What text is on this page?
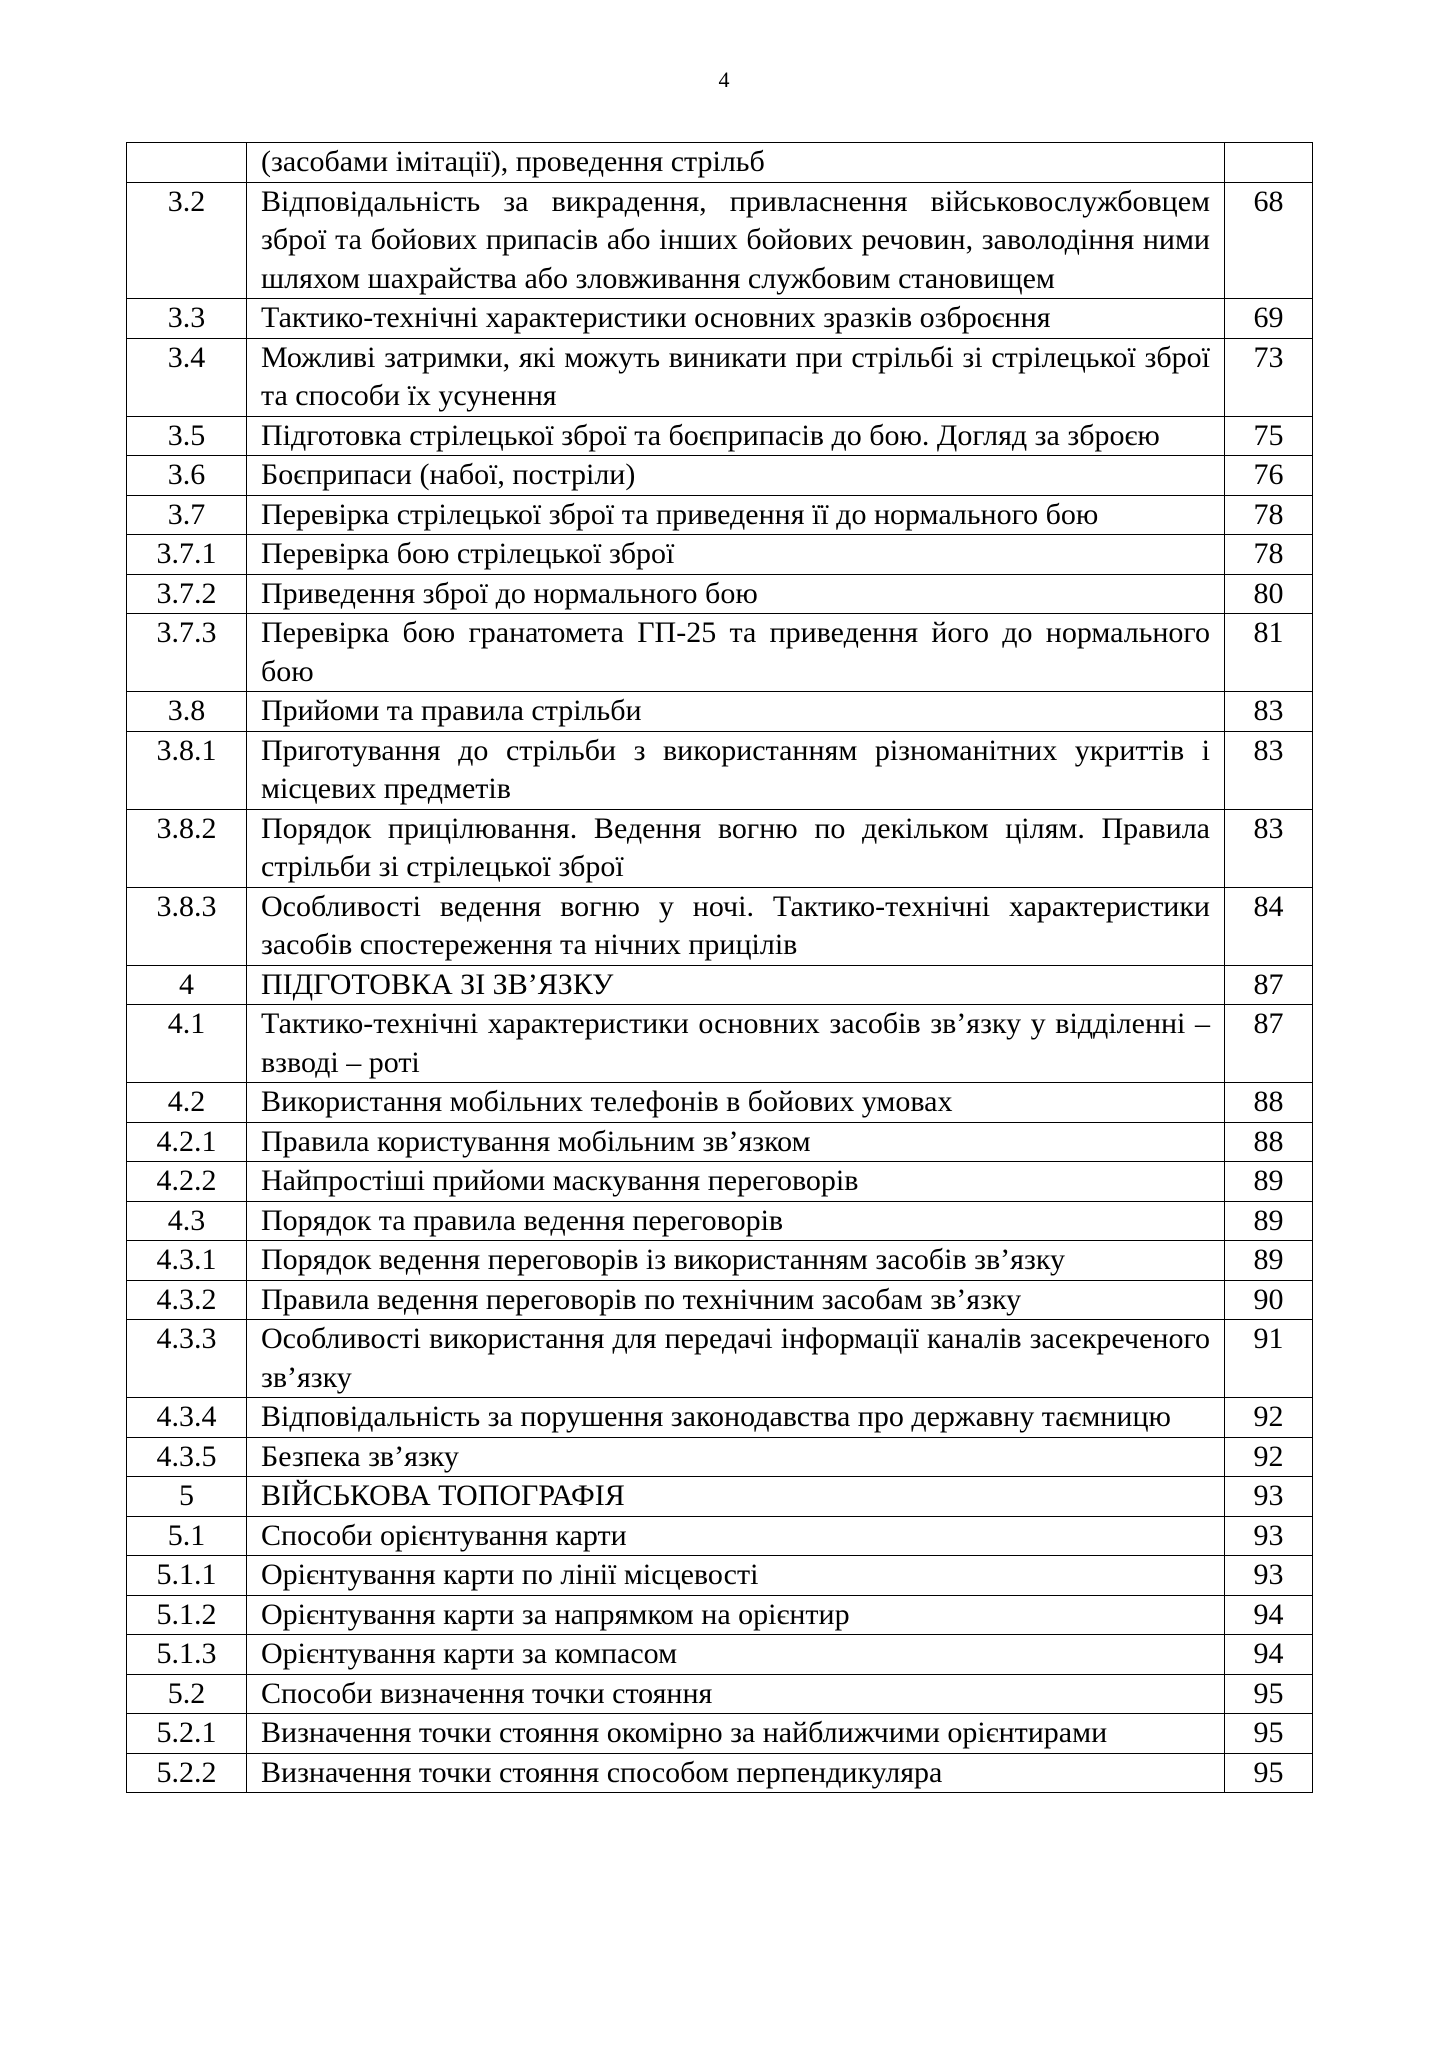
4
	(засобами імітації), проведення стрільб	
3.2	Відповідальність за викрадення, привласнення військовослужбовцем зброї та бойових припасів або інших бойових речовин, заволодіння ними шляхом шахрайства або зловживання службовим становищем	68
3.3	Тактико-технічні характеристики основних зразків озброєння	69
3.4	Можливі затримки, які можуть виникати при стрільбі зі стрілецької зброї та способи їх усунення	73
3.5	Підготовка стрілецької зброї та боєприпасів до бою. Догляд за зброєю	75
3.6	Боєприпаси (набої, постріли)	76
3.7	Перевірка стрілецької зброї та приведення її до нормального бою	78
3.7.1	Перевірка бою стрілецької зброї	78
3.7.2	Приведення зброї до нормального бою	80
3.7.3	Перевірка бою гранатомета ГП-25 та приведення його до нормального бою	81
3.8	Прийоми та правила стрільби	83
3.8.1	Приготування до стрільби з використанням різноманітних укриттів і місцевих предметів	83
3.8.2	Порядок прицілювання. Ведення вогню по декільком цілям. Правила стрільби зі стрілецької зброї	83
3.8.3	Особливості ведення вогню у ночі. Тактико-технічні характеристики засобів спостереження та нічних прицілів	84
4	ПІДГОТОВКА ЗІ ЗВ’ЯЗКУ	87
4.1	Тактико-технічні характеристики основних засобів зв’язку у відділенні – взводі – роті	87
4.2	Використання мобільних телефонів в бойових умовах	88
4.2.1	Правила користування мобільним зв’язком	88
4.2.2	Найпростіші прийоми маскування переговорів	89
4.3	Порядок та правила ведення переговорів	89
4.3.1	Порядок ведення переговорів із використанням засобів зв’язку	89
4.3.2	Правила ведення переговорів по технічним засобам зв’язку	90
4.3.3	Особливості використання для передачі інформації каналів засекреченого зв’язку	91
4.3.4	Відповідальність за порушення законодавства про державну таємницю	92
4.3.5	Безпека зв’язку	92
5	ВІЙСЬКОВА ТОПОГРАФІЯ	93
5.1	Способи орієнтування карти	93
5.1.1	Орієнтування карти по лінії місцевості	93
5.1.2	Орієнтування карти за напрямком на орієнтир	94
5.1.3	Орієнтування карти за компасом	94
5.2	Способи визначення точки стояння	95
5.2.1	Визначення точки стояння окомірно за найближчими орієнтирами	95
5.2.2	Визначення точки стояння способом перпендикуляра	95
